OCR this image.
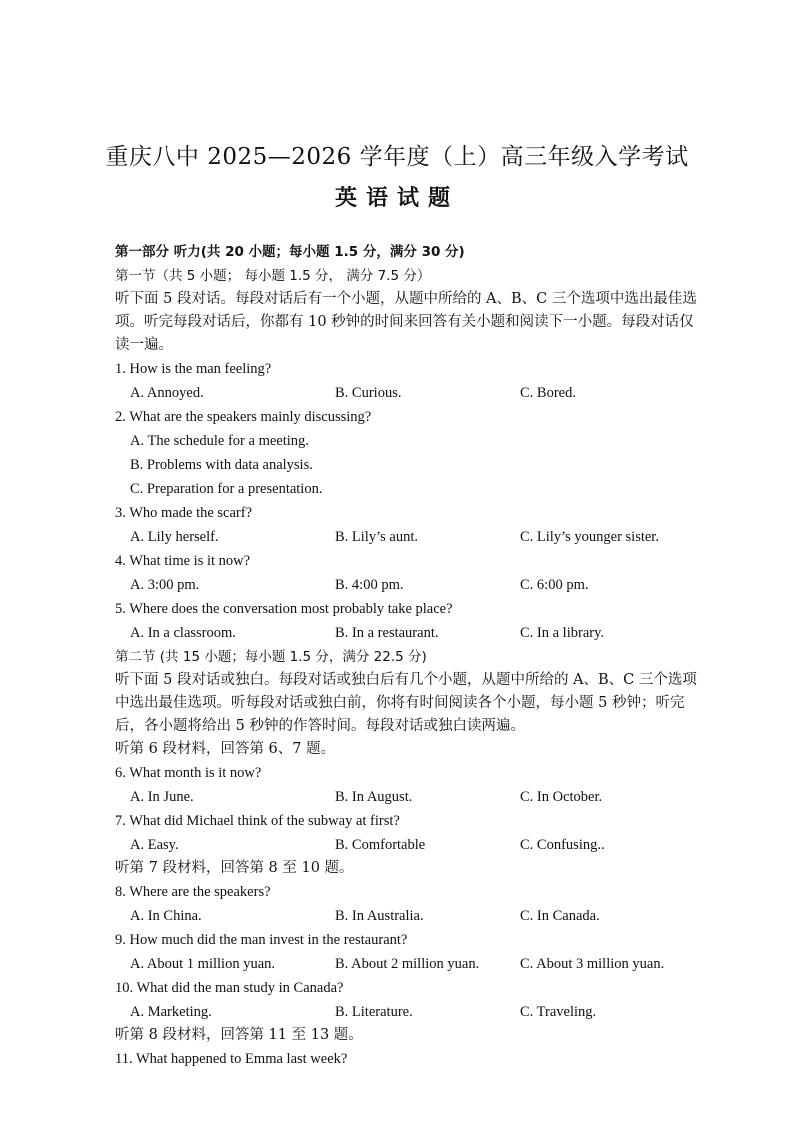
重庆八中 2025—2026 学年度（上）高三年级入学考试
英语试题
第一部分 听力(共 20 小题；每小题 1.5 分，满分 30 分)
第一节（共 5 小题； 每小题 1.5 分， 满分 7.5 分）
听下面 5 段对话。每段对话后有一个小题，从题中所给的 A、B、C 三个选项中选出最佳选
项。听完每段对话后，你都有 10 秒钟的时间来回答有关小题和阅读下一小题。每段对话仅
读一遍。
1. How is the man feeling?
A. Annoyed.	B. Curious.	C. Bored.
2. What are the speakers mainly discussing?
A. The schedule for a meeting.
B. Problems with data analysis.
C. Preparation for a presentation.
3. Who made the scarf?
A. Lily herself.	B. Lily’s aunt.	C. Lily’s younger sister.
4. What time is it now?
A. 3:00 pm.	B. 4:00 pm.	C. 6:00 pm.
5. Where does the conversation most probably take place?
A. In a classroom.	B. In a restaurant.	C. In a library.
第二节 (共 15 小题；每小题 1.5 分，满分 22.5 分)
听下面 5 段对话或独白。每段对话或独白后有几个小题，从题中所给的 A、B、C 三个选项
中选出最佳选项。听每段对话或独白前，你将有时间阅读各个小题，每小题 5 秒钟；听完
后，各小题将给出 5 秒钟的作答时间。每段对话或独白读两遍。
听第 6 段材料，回答第 6、7 题。
6. What month is it now?
A. In June.	B. In August.	C. In October.
7. What did Michael think of the subway at first?
A. Easy.	B. Comfortable	C. Confusing..
听第 7 段材料，回答第 8 至 10 题。
8. Where are the speakers?
A. In China.	B. In Australia.	C. In Canada.
9. How much did the man invest in the restaurant?
A. About 1 million yuan.	B. About 2 million yuan.	C. About 3 million yuan.
10. What did the man study in Canada?
A. Marketing.	B. Literature.	C. Traveling.
听第 8 段材料，回答第 11 至 13 题。
11. What happened to Emma last week?
